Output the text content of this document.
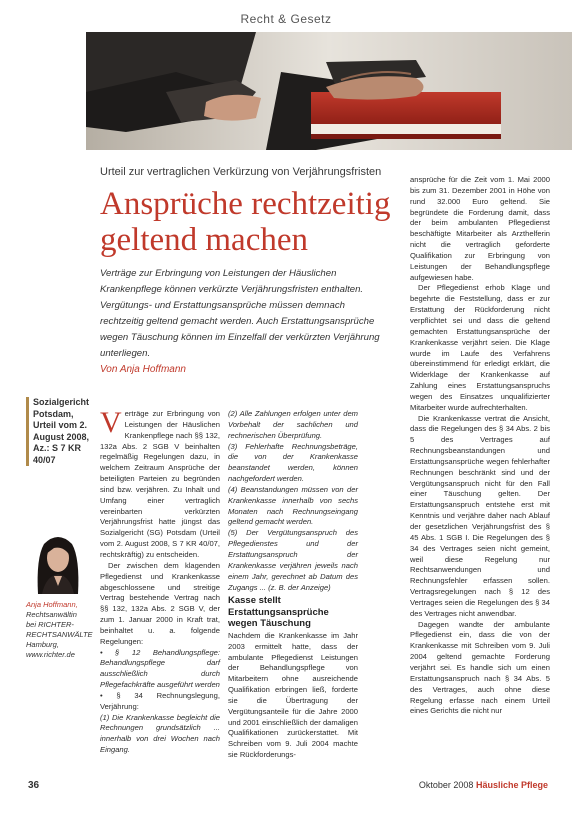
Recht & Gesetz
Urteil zur vertraglichen Verkürzung von Verjährungsfristen
Ansprüche rechtzeitig geltend machen

Verträge zur Erbringung von Leistungen der Häuslichen Krankenpflege können verkürzte Verjährungsfristen enthalten. Vergütungs- und Erstattungsansprüche müssen demnach rechtzeitig geltend gemacht werden. Auch Erstattungsansprüche wegen Täuschung können im Einzelfall der verkürzten Verjährung unterliegen.

Von Anja Hoffmann
Sozialgericht Potsdam, Urteil vom 2. August 2008, Az.: S 7 KR 40/07
Anja Hoffmann, Rechtsanwältin bei RICHTER-RECHTSANWÄLTE Hamburg, www.richter.de

Verträge zur Erbringung von Leistungen der Häuslichen Krankenpflege nach §§ 132, 132a Abs. 2 SGB V beinhalten regelmäßig Regelungen dazu, in welchem Zeitraum Ansprüche der beteiligten Parteien zu begründen sind bzw. verjähren. Zu Inhalt und Umfang einer vertraglich vereinbarten verkürzten Verjährungsfrist hatte jüngst das Sozialgericht (SG) Potsdam (Urteil vom 2. August 2008, S 7 KR 40/07, rechtskräftig) zu entscheiden.

Der zwischen dem klagenden Pflegedienst und Krankenkasse abgeschlossene und streitige Vertrag bestehende Vertrag nach §§ 132, 132a Abs. 2 SGB V, der zum 1. Januar 2000 in Kraft trat, beinhaltet u. a. folgende Regelungen:

• § 12 Behandlungspflege: Behandlungspflege darf ausschließlich durch Pflegefachkräfte ausgeführt werden

• § 34 Rechnungslegung, Verjährung:

(1) Die Krankenkasse begleicht die Rechnungen grundsätzlich ... innerhalb von drei Wochen nach Eingang.

(2) Alle Zahlungen erfolgen unter dem Vorbehalt der sachlichen und rechnerischen Überprüfung.

(3) Fehlerhafte Rechnungsbeträge, die von der Krankenkasse beanstandet werden, können nachgefordert werden.

(4) Beanstandungen müssen von der Krankenkasse innerhalb von sechs Monaten nach Rechnungseingang geltend gemacht werden.

(5) Der Vergütungsanspruch des Pflegedienstes und der Erstattungsanspruch der Krankenkasse verjähren jeweils nach einem Jahr, gerechnet ab Datum des Zugangs ... (z. B. der Anzeige)

Kasse stellt Erstattungsansprüche wegen Täuschung

Nachdem die Krankenkasse im Jahr 2003 ermittelt hatte, dass der ambulante Pflegedienst Leistungen der Behandlungspflege von Mitarbeitern ohne ausreichende Qualifikation erbringen ließ, forderte sie die Übertragung der Vergütungsanteile für die Jahre 2000 und 2001 einschließlich der damaligen Qualifikationen zurückerstattet. Mit Schreiben vom 9. Juli 2004 machte sie Rückforderungs-

ansprüche für die Zeit vom 1. Mai 2000 bis zum 31. Dezember 2001 in Höhe von rund 32.000 Euro geltend. Sie begründete die Forderung damit, dass der beim ambulanten Pflegedienst beschäftigte Mitarbeiter als Arzthelferin nicht die vertraglich geforderte Qualifikation zur Erbringung von Leistungen der Behandlungspflege aufgewiesen habe.

Der Pflegedienst erhob Klage und begehrte die Feststellung, dass er zur Erstattung der Rückforderung nicht verpflichtet sei und dass die geltend gemachten Erstattungsansprüche der Krankenkasse verjährt seien. Die Klage wurde im Laufe des Verfahrens übereinstimmend für erledigt erklärt, die Widerklage der Krankenkasse auf Zahlung eines Erstattungsanspruchs wegen des Einsatzes unqualifizierter Mitarbeiter wurde aufrechterhalten.

Die Krankenkasse vertrat die Ansicht, dass die Regelungen des § 34 Abs. 2 bis 5 des Vertrages auf Rechnungsbeanstandungen und Erstattungsansprüche wegen fehlerhafter Rechnungen beschränkt sind und der Vergütungsanspruch nicht für den Fall einer Täuschung gelten. Der Erstattungsanspruch entstehe erst mit Kenntnis und verjähre daher nach Ablauf der gesetzlichen Verjährungsfrist des § 45 Abs. 1 SGB I. Die Regelungen des § 34 des Vertrages seien nicht gemeint, weil diese Regelung nur Rechtsanwendungen und Rechnungsfehler erfassen sollen. Vertragsregelungen nach § 12 des Vertrages seien die Regelungen des § 34 des Vertrages nicht anwendbar.

Dagegen wandte der ambulante Pflegedienst ein, dass die von der Krankenkasse mit Schreiben vom 9. Juli 2004 geltend gemachte Forderung verjährt sei. Es handle sich um einen Erstattungsanspruch nach § 34 Abs. 5 des Vertrages, auch ohne diese Regelung erfasse nach einem Urteil eines Gerichts die nicht nur

36	Oktober 2008 Häusliche Pflege
